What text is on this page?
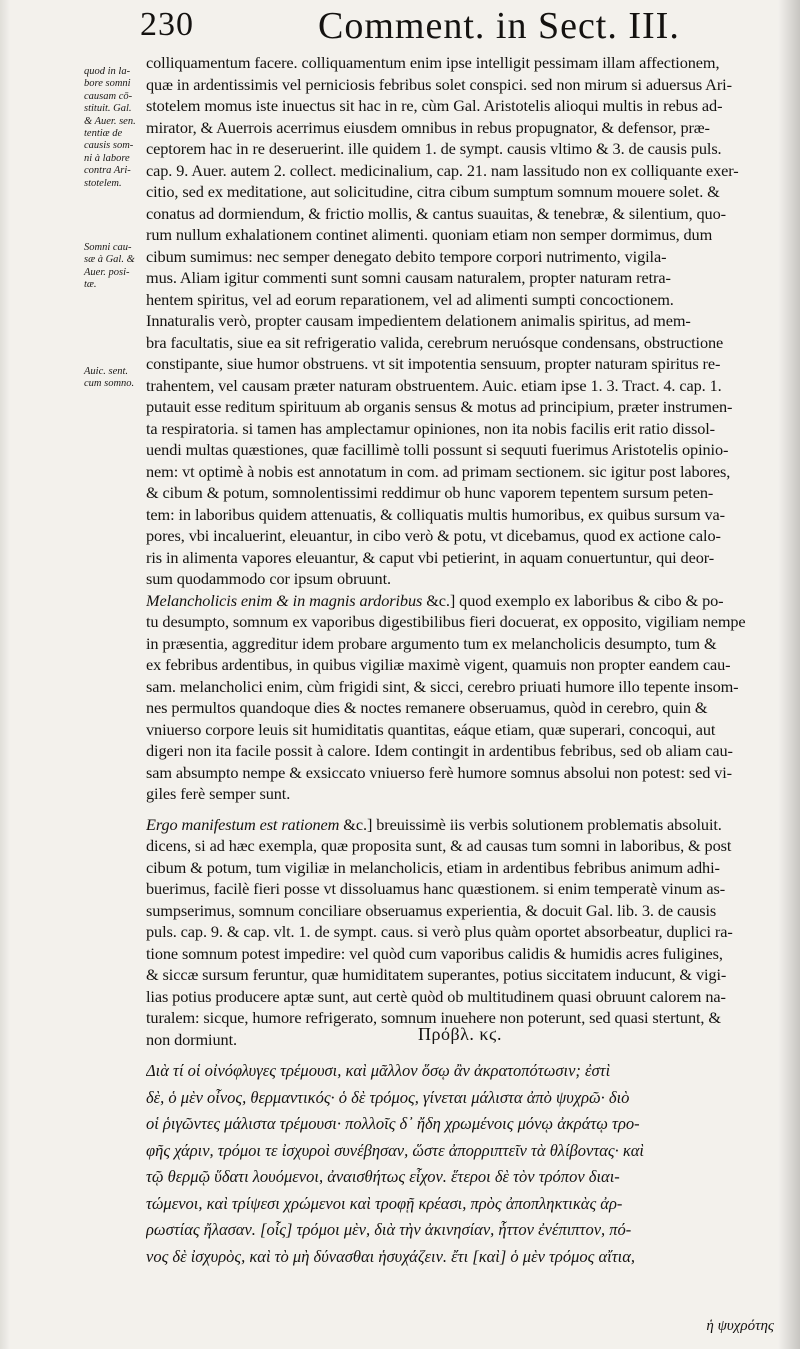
230	Comment. in Sect. III.

quod in la-
bore somni
causam cō-
stituit. Gal.
& Auer. sen.
tentiæ de
causis som-
ni à labore
contra Ari-
stotelem.

Somni cau-
sæ à Gal. &
Auer. posi-
tæ.

Auic. sent.
cum somno.

colliquamentum facere. colliquamentum enim ipse intelligit pessimam illam affectionem,
quæ in ardentissimis vel perniciosis febribus solet conspici. sed non mirum si aduersus Ari-
stotelem momus iste inuectus sit hac in re, cùm Gal. Aristotelis alioqui multis in rebus ad-
mirator, & Auerrois acerrimus eiusdem omnibus in rebus propugnator, & defensor, præ-
ceptorem hac in re deseruerint. ille quidem 1. de sympt. causis vltimo & 3. de causis puls.
cap. 9. Auer. autem 2. collect. medicinalium, cap. 21. nam lassitudo non ex colliquante exer-
citio, sed ex meditatione, aut solicitudine, citra cibum sumptum somnum mouere solet. &
conatus ad dormiendum, & frictio mollis, & cantus suauitas, & tenebræ, & silentium, quo-
rum nullum exhalationem continet alimenti. quoniam etiam non semper dormimus, dum
cibum sumimus: nec semper denegato debito tempore corpori nutrimento, vigila-
mus. Aliam igitur commenti sunt somni causam naturalem, propter naturam retra-
hentem spiritus, vel ad eorum reparationem, vel ad alimenti sumpti concoctionem.
Innaturalis verò, propter causam impedientem delationem animalis spiritus, ad mem-
bra facultatis, siue ea sit refrigeratio valida, cerebrum neruósque condensans, obstructione
constipante, siue humor obstruens. vt sit impotentia sensuum, propter naturam spiritus re-
trahentem, vel causam præter naturam obstruentem. Auic. etiam ipse 1. 3. Tract. 4. cap. 1.
putauit esse reditum spirituum ab organis sensus & motus ad principium, præter instrumen-
ta respiratoria. si tamen has amplectamur opiniones, non ita nobis facilis erit ratio dissol-
uendi multas quæstiones, quæ facillimè tolli possunt si sequuti fuerimus Aristotelis opinio-
nem: vt optimè à nobis est annotatum in com. ad primam sectionem. sic igitur post labores,
& cibum & potum, somnolentissimi reddimur ob hunc vaporem tepentem sursum peten-
tem: in laboribus quidem attenuatis, & colliquatis multis humoribus, ex quibus sursum va-
pores, vbi incaluerint, eleuantur, in cibo verò & potu, vt dicebamus, quod ex actione calo-
ris in alimenta vapores eleuantur, & caput vbi petierint, in aquam conuertuntur, qui deor-
sum quodammodo cor ipsum obruunt.
Melancholicis enim & in magnis ardoribus &c.] quod exemplo ex laboribus & cibo & po-
tu desumpto, somnum ex vaporibus digestibilibus fieri docuerat, ex opposito, vigiliam nempe
in præsentia, aggreditur idem probare argumento tum ex melancholicis desumpto, tum &
ex febribus ardentibus, in quibus vigiliæ maximè vigent, quamuis non propter eandem cau-
sam. melancholici enim, cùm frigidi sint, & sicci, cerebro priuati humore illo tepente insom-
nes permultos quandoque dies & noctes remanere obseruamus, quòd in cerebro, quin &
vniuerso corpore leuis sit humiditatis quantitas, eáque etiam, quæ superari, concoqui, aut
digeri non ita facile possit à calore. Idem contingit in ardentibus febribus, sed ob aliam cau-
sam absumpto nempe & exsiccato vniuerso ferè humore somnus absolui non potest: sed vi-
giles ferè semper sunt.
Ergo manifestum est rationem &c.] breuissimè iis verbis solutionem problematis absoluit.
dicens, si ad hæc exempla, quæ proposita sunt, & ad causas tum somni in laboribus, & post
cibum & potum, tum vigiliæ in melancholicis, etiam in ardentibus febribus animum adhi-
buerimus, facilè fieri posse vt dissoluamus hanc quæstionem. si enim temperatè vinum as-
sumpserimus, somnum conciliare obseruamus experientia, & docuit Gal. lib. 3. de causis
puls. cap. 9. & cap. vlt. 1. de sympt. caus. si verò plus quàm oportet absorbeatur, duplici ra-
tione somnum potest impedire: vel quòd cum vaporibus calidis & humidis acres fuligines,
& siccæ sursum feruntur, quæ humiditatem superantes, potius siccitatem inducunt, & vigi-
lias potius producere aptæ sunt, aut certè quòd ob multitudinem quasi obruunt calorem na-
turalem: sicque, humore refrigerato, somnum inuehere non poterunt, sed quasi stertunt, &
non dormiunt.	Πρόβλ. κϛ.
Διὰ τί οἱ οἰνόφλυγες τρέμουσι, καὶ μᾶλλον ὅσῳ ἂν ἀκρατοπότωσιν; ἐστὶ
δὲ, ὁ μὲν οἶνος, θερμαντικός· ὁ δὲ τρόμος, γίνεται μάλιστα ἀπὸ ψυχρῶ· διὸ
οἱ ῥιγῶντες μάλιστα τρέμουσι· πολλοῖς δ᾽ ἤδη χρωμένοις μόνῳ ἀκράτῳ τρο-
φῆς χάριν, τρόμοι τε ἰσχυροὶ συνέβησαν, ὥστε ἀπορριπτεῖν τὰ θλίβοντας· καὶ
τῷ θερμῷ ὕδατι λουόμενοι, ἀναισθήτως εἶχον. ἕτεροι δὲ τὸν τρόπον διαι-
τώμενοι, καὶ τρίψεσι χρώμενοι καὶ τροφῇ κρέασι, πρὸς ἀποπληκτικὰς ἀρ-
ρωστίας ἤλασαν. [οἷς] τρόμοι μὲν, διὰ τὴν ἀκινησίαν, ἧττον ἐνέπιπτον, πό-
νος δὲ ἰσχυρὸς, καὶ τὸ μὴ δύνασθαι ἡσυχάζειν. ἔτι [καὶ] ὁ μὲν τρόμος αἴτια,
ἡ ψυχρότης
